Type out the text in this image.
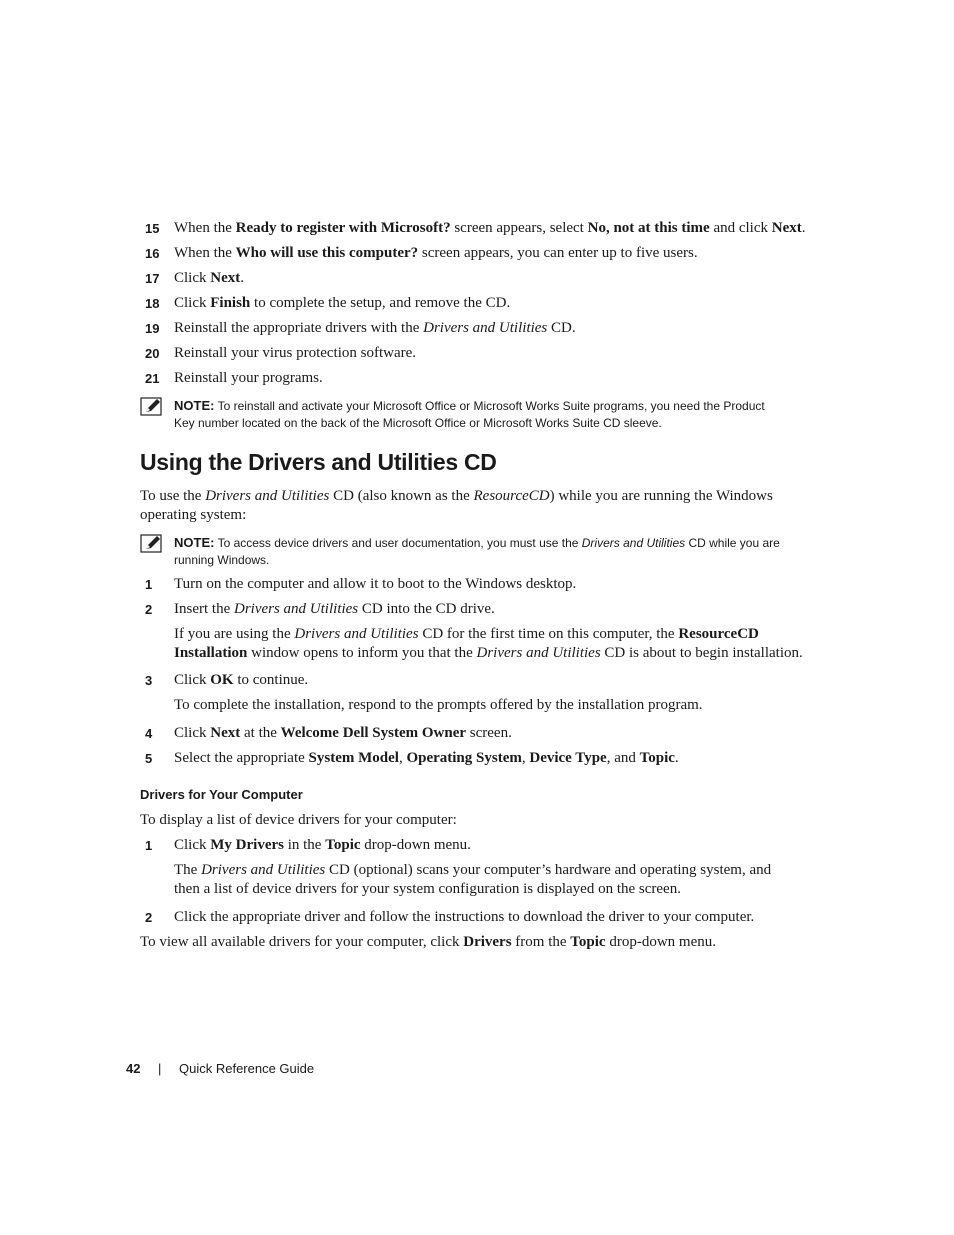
15 When the Ready to register with Microsoft? screen appears, select No, not at this time and click Next.
16 When the Who will use this computer? screen appears, you can enter up to five users.
17 Click Next.
18 Click Finish to complete the setup, and remove the CD.
19 Reinstall the appropriate drivers with the Drivers and Utilities CD.
20 Reinstall your virus protection software.
21 Reinstall your programs.
NOTE: To reinstall and activate your Microsoft Office or Microsoft Works Suite programs, you need the Product
Key number located on the back of the Microsoft Office or Microsoft Works Suite CD sleeve.
Using the Drivers and Utilities CD
To use the Drivers and Utilities CD (also known as the ResourceCD) while you are running the Windows
operating system:
NOTE: To access device drivers and user documentation, you must use the Drivers and Utilities CD while you are
running Windows.
1	Turn on the computer and allow it to boot to the Windows desktop.
2	Insert the Drivers and Utilities CD into the CD drive.
If you are using the Drivers and Utilities CD for the first time on this computer, the ResourceCD
Installation window opens to inform you that the Drivers and Utilities CD is about to begin installation.
3	Click OK to continue.
To complete the installation, respond to the prompts offered by the installation program.
4	Click Next at the Welcome Dell System Owner screen.
5	Select the appropriate System Model, Operating System, Device Type, and Topic.
Drivers for Your Computer
To display a list of device drivers for your computer:
1	Click My Drivers in the Topic drop-down menu.
The Drivers and Utilities CD (optional) scans your computer’s hardware and operating system, and
then a list of device drivers for your system configuration is displayed on the screen.
2	Click the appropriate driver and follow the instructions to download the driver to your computer.
To view all available drivers for your computer, click Drivers from the Topic drop-down menu.
42 | Quick Reference Guide
